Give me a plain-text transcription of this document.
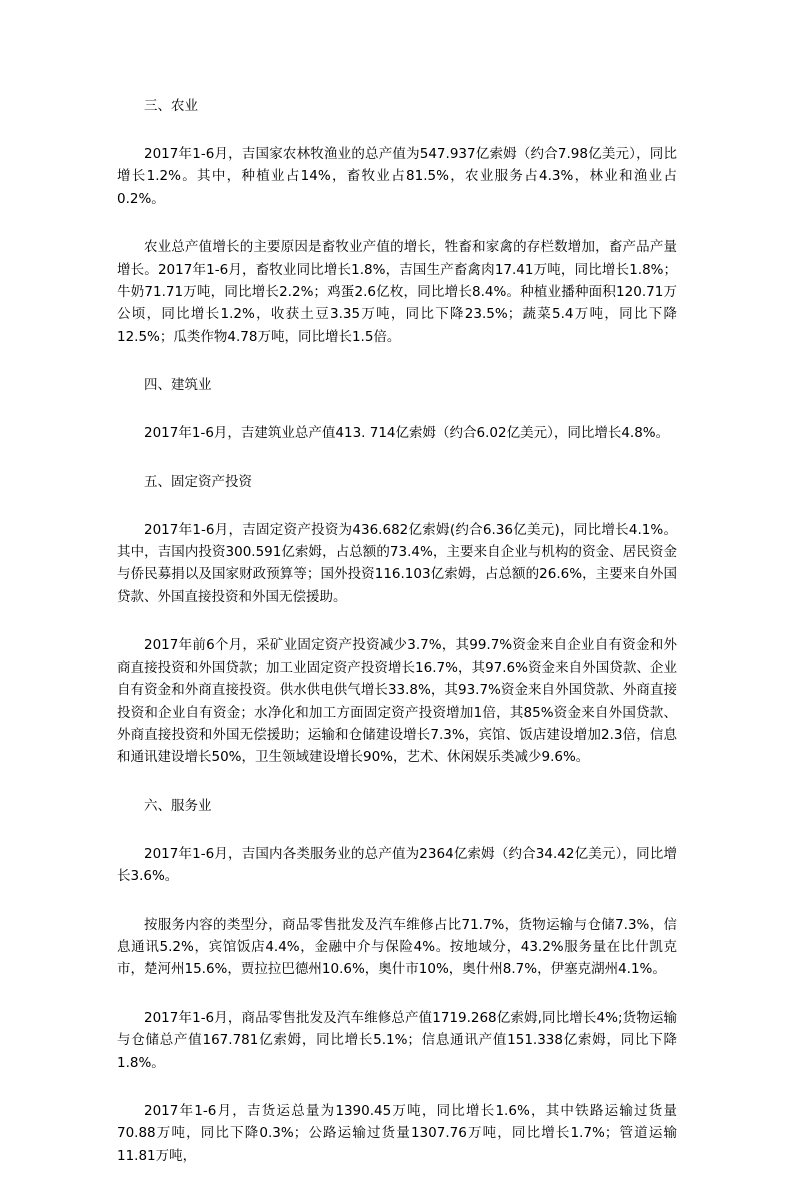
三、农业

2017年1-6月，吉国家农林牧渔业的总产值为547.937亿索姆（约合7.98亿美元），同比增长1.2%。其中，种植业占14%，畜牧业占81.5%，农业服务占4.3%，林业和渔业占0.2%。

农业总产值增长的主要原因是畜牧业产值的增长，牲畜和家禽的存栏数增加，畜产品产量增长。2017年1-6月，畜牧业同比增长1.8%，吉国生产畜禽肉17.41万吨，同比增长1.8%；牛奶71.71万吨，同比增长2.2%；鸡蛋2.6亿枚，同比增长8.4%。种植业播种面积120.71万公顷，同比增长1.2%，收获土豆3.35万吨，同比下降23.5%；蔬菜5.4万吨，同比下降12.5%；瓜类作物4.78万吨，同比增长1.5倍。

四、建筑业

2017年1-6月，吉建筑业总产值413. 714亿索姆（约合6.02亿美元），同比增长4.8%。

五、固定资产投资

2017年1-6月，吉固定资产投资为436.682亿索姆(约合6.36亿美元)，同比增长4.1%。其中，吉国内投资300.591亿索姆，占总额的73.4%，主要来自企业与机构的资金、居民资金与侨民募捐以及国家财政预算等；国外投资116.103亿索姆，占总额的26.6%，主要来自外国贷款、外国直接投资和外国无偿援助。

2017年前6个月，采矿业固定资产投资减少3.7%，其99.7%资金来自企业自有资金和外商直接投资和外国贷款；加工业固定资产投资增长16.7%，其97.6%资金来自外国贷款、企业自有资金和外商直接投资。供水供电供气增长33.8%，其93.7%资金来自外国贷款、外商直接投资和企业自有资金；水净化和加工方面固定资产投资增加1倍，其85%资金来自外国贷款、外商直接投资和外国无偿援助；运输和仓储建设增长7.3%，宾馆、饭店建设增加2.3倍，信息和通讯建设增长50%，卫生领域建设增长90%，艺术、休闲娱乐类减少9.6%。

六、服务业

2017年1-6月，吉国内各类服务业的总产值为2364亿索姆（约合34.42亿美元），同比增长3.6%。

按服务内容的类型分，商品零售批发及汽车维修占比71.7%，货物运输与仓储7.3%，信息通讯5.2%，宾馆饭店4.4%，金融中介与保险4%。按地域分，43.2%服务量在比什凯克市，楚河州15.6%，贾拉拉巴德州10.6%，奥什市10%，奥什州8.7%，伊塞克湖州4.1%。

2017年1-6月，商品零售批发及汽车维修总产值1719.268亿索姆,同比增长4%;货物运输与仓储总产值167.781亿索姆，同比增长5.1%；信息通讯产值151.338亿索姆，同比下降1.8%。

2017年1-6月，吉货运总量为1390.45万吨，同比增长1.6%，其中铁路运输过货量70.88万吨，同比下降0.3%；公路运输过货量1307.76万吨，同比增长1.7%；管道运输11.81万吨，
